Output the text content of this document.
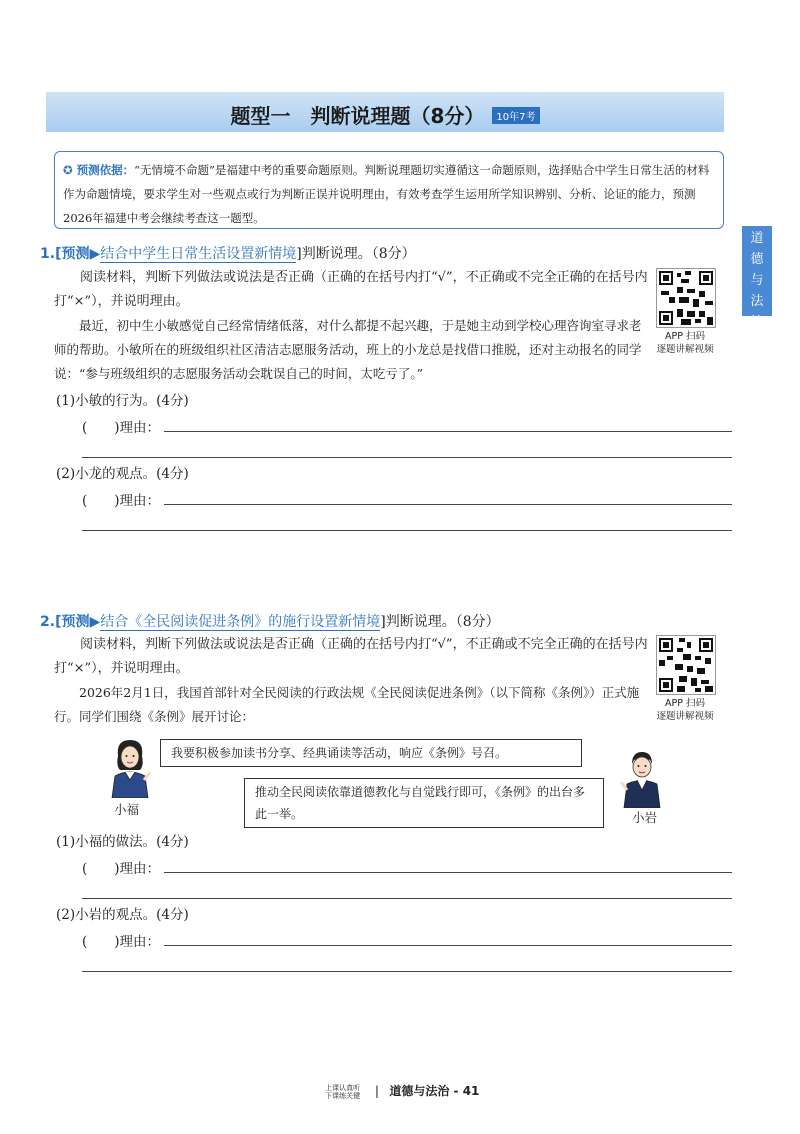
题型一　判断说理题（8分） 10年7考
✪ 预测依据：“无情境不命题”是福建中考的重要命题原则。判断说理题切实遵循这一命题原则，选择贴合中学生日常生活的材料作为命题情境，要求学生对一些观点或行为判断正误并说明理由，有效考查学生运用所学知识辨别、分析、论证的能力，预测2026年福建中考会继续考查这一题型。
道
德
与
法
治
1.[预测▶结合中学生日常生活设置新情境]判断说理。（8分）
阅读材料，判断下列做法或说法是否正确（正确的在括号内打“√”，不正确或不完全正确的在括号内打“×”），并说明理由。
最近，初中生小敏感觉自己经常情绪低落，对什么都提不起兴趣，于是她主动到学校心理咨询室寻求老师的帮助。小敏所在的班级组织社区清洁志愿服务活动，班上的小龙总是找借口推脱，还对主动报名的同学说：“参与班级组织的志愿服务活动会耽误自己的时间，太吃亏了。”
APP 扫码
逐题讲解视频
(1)小敏的行为。(4分)
(　　)理由：
(2)小龙的观点。(4分)
(　　)理由：
2.[预测▶结合《全民阅读促进条例》的施行设置新情境]判断说理。（8分）
阅读材料，判断下列做法或说法是否正确（正确的在括号内打“√”，不正确或不完全正确的在括号内打“×”），并说明理由。
2026年2月1日，我国首部针对全民阅读的行政法规《全民阅读促进条例》（以下简称《条例》）正式施行。同学们围绕《条例》展开讨论：
APP 扫码
逐题讲解视频
小福
我要积极参加读书分享、经典诵读等活动，响应《条例》号召。
推动全民阅读依靠道德教化与自觉践行即可，《条例》的出台多此一举。	小岩
(1)小福的做法。(4分)
(　　)理由：
(2)小岩的观点。(4分)
(　　)理由：
上课认真听 下课练关键 | 道德与法治 - 41
